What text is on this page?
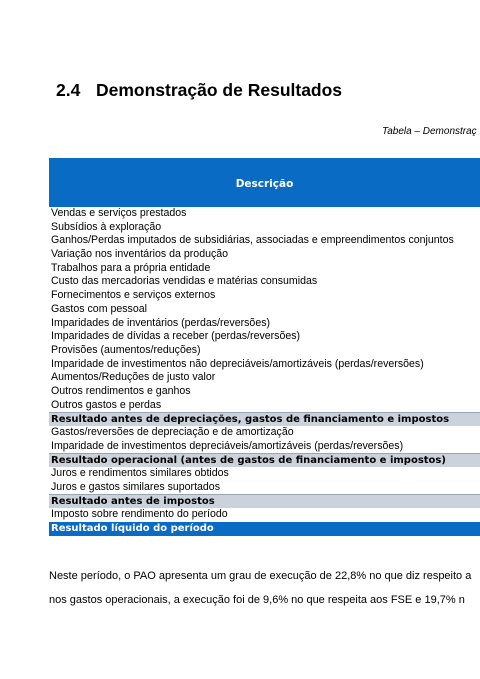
2.4 Demonstração de Resultados
Tabela – Demonstraç
Descrição
Vendas e serviços prestados
Subsídios à exploração
Ganhos/Perdas imputados de subsidiárias, associadas e empreendimentos conjuntos
Variação nos inventários da produção
Trabalhos para a própria entidade
Custo das mercadorias vendidas e matérias consumidas
Fornecimentos e serviços externos
Gastos com pessoal
Imparidades de inventários (perdas/reversões)
Imparidades de dívidas a receber (perdas/reversões)
Provisões (aumentos/reduções)
Imparidade de investimentos não depreciáveis/amortizáveis (perdas/reversões)
Aumentos/Reduções de justo valor
Outros rendimentos e ganhos
Outros gastos e perdas
Resultado antes de depreciações, gastos de financiamento e impostos
Gastos/reversões de depreciação e de amortização
Imparidade de investimentos depreciáveis/amortizáveis (perdas/reversões)
Resultado operacional (antes de gastos de financiamento e impostos)
Juros e rendimentos similares obtidos
Juros e gastos similares suportados
Resultado antes de impostos
Imposto sobre rendimento do período
Resultado líquido do período
Neste período, o PAO apresenta um grau de execução de 22,8% no que diz respeito a
nos gastos operacionais, a execução foi de 9,6% no que respeita aos FSE e 19,7% n
